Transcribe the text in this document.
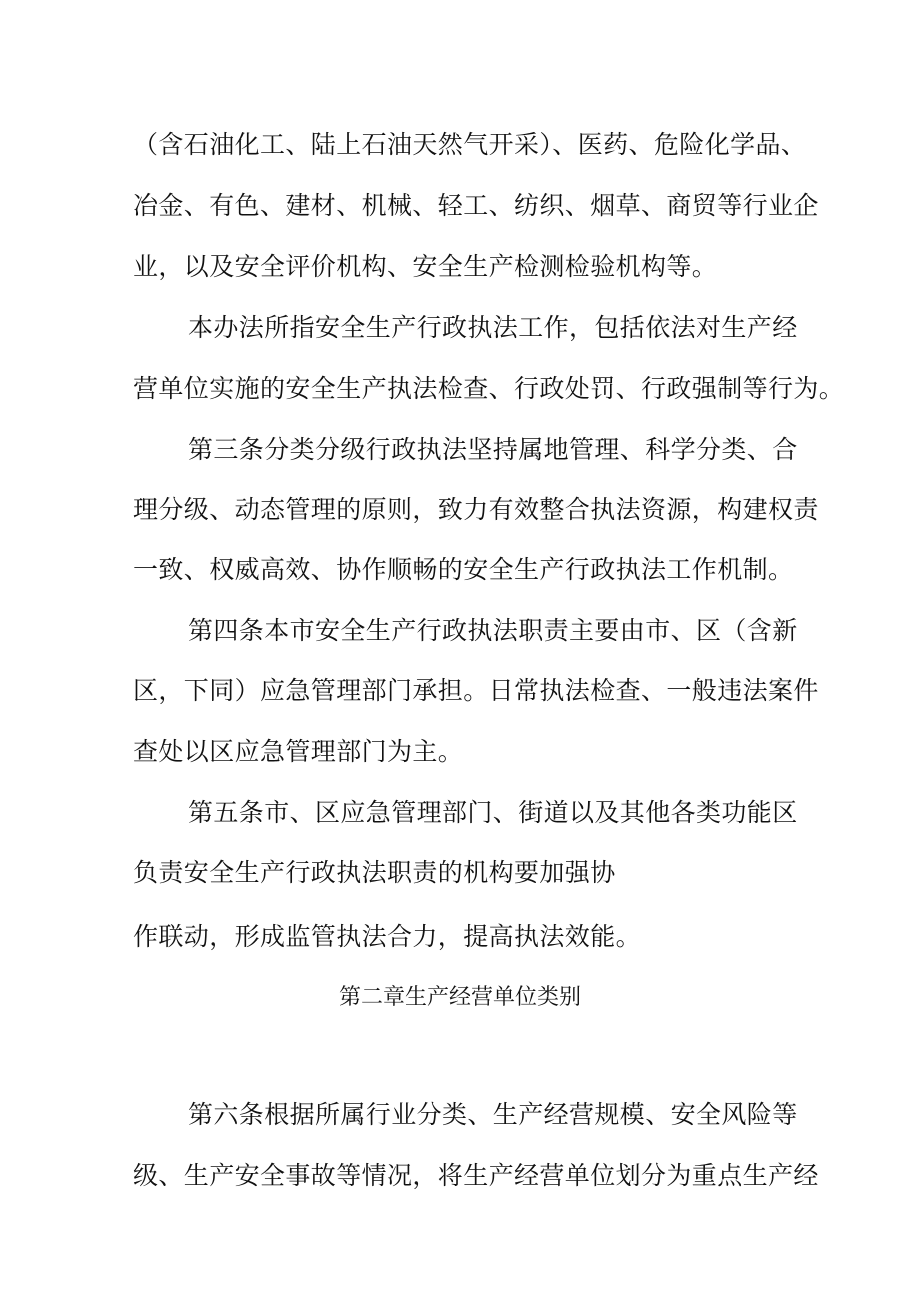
（含石油化工、陆上石油天然气开采）、医药、危险化学品、
冶金、有色、建材、机械、轻工、纺织、烟草、商贸等行业企
业，以及安全评价机构、安全生产检测检验机构等。
本办法所指安全生产行政执法工作，包括依法对生产经
营单位实施的安全生产执法检查、行政处罚、行政强制等行为。
第三条分类分级行政执法坚持属地管理、科学分类、合
理分级、动态管理的原则，致力有效整合执法资源，构建权责
一致、权威高效、协作顺畅的安全生产行政执法工作机制。
第四条本市安全生产行政执法职责主要由市、区（含新
区，下同）应急管理部门承担。日常执法检查、一般违法案件
查处以区应急管理部门为主。
第五条市、区应急管理部门、街道以及其他各类功能区
负责安全生产行政执法职责的机构要加强协
作联动，形成监管执法合力，提高执法效能。
第二章生产经营单位类别
第六条根据所属行业分类、生产经营规模、安全风险等
级、生产安全事故等情况，将生产经营单位划分为重点生产经
